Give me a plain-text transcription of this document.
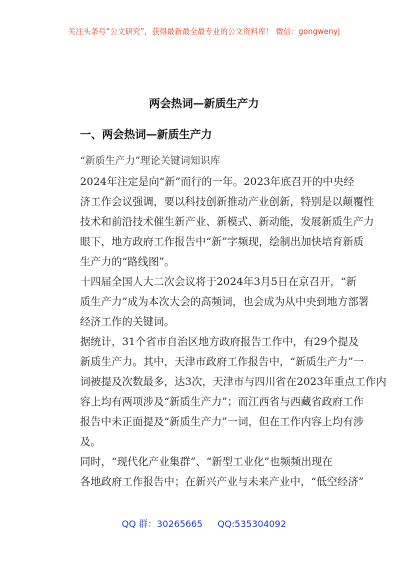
关注头条号“公文研究”，获得最新最全最专业的公文资料库！ 微信：gongwenyj
两会热词—新质生产力
一、两会热词—新质生产力
“新质生产力”理论关键词知识库
2024年注定是向“新”而行的一年。2023年底召开的中央经
济工作会议强调，要以科技创新推动产业创新，特别是以颠覆性
技术和前沿技术催生新产业、新模式、新动能，发展新质生产力
眼下，地方政府工作报告中“新”字频现，绘制出加快培育新质
生产力的“路线图”。
十四届全国人大二次会议将于2024年3月5日在京召开，“新
质生产力”成为本次大会的高频词，也会成为从中央到地方部署
经济工作的关键词。
据统计，31个省市自治区地方政府报告工作中，有29个提及
新质生产力。其中，天津市政府工作报告中，“新质生产力”一
词被提及次数最多，达3次，天津市与四川省在2023年重点工作内
容上均有两项涉及“新质生产力”；而江西省与西藏省政府工作
报告中未正面提及“新质生产力”一词，但在工作内容上均有涉
及。
同时，“现代化产业集群”、“新型工业化”也频频出现在
各地政府工作报告中；在新兴产业与未来产业中，“低空经济”
QQ 群：30265665 QQ:535304092
